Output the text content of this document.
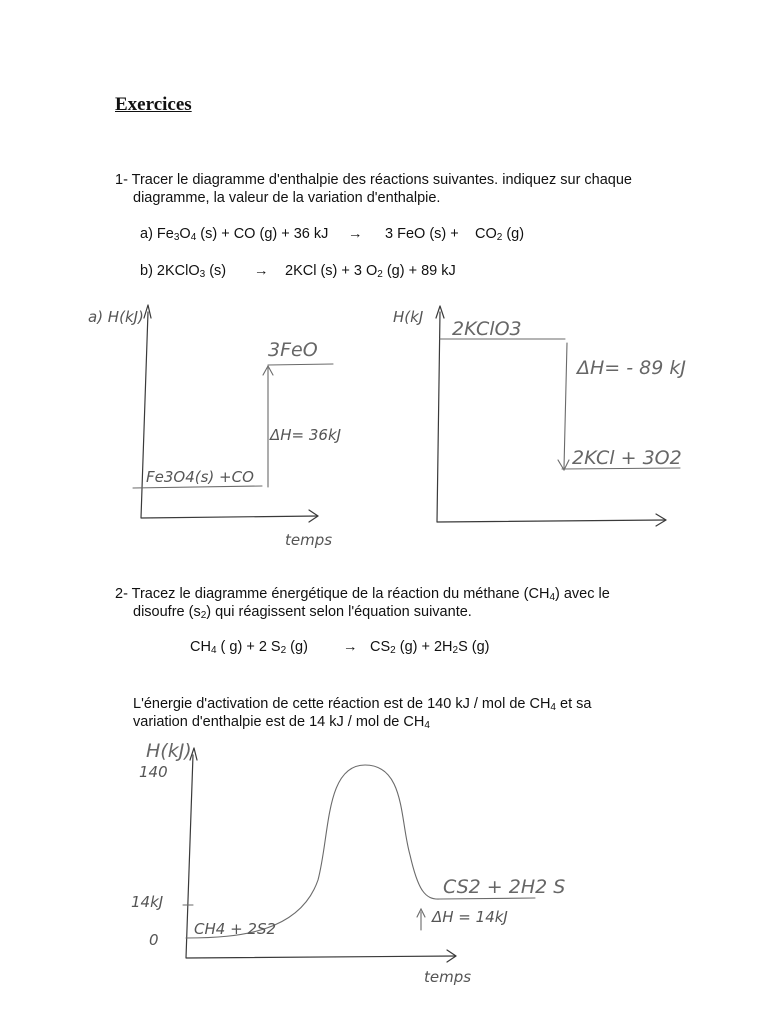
Exercices
1- Tracer le diagramme d'enthalpie des réactions suivantes. indiquez sur chaque
diagramme, la valeur de la variation d'enthalpie.
a) $Fe_3O_4$ (s) + CO (g) + 36 kJ → 3 FeO $(s) + CO_2$ (g)
b) 2KClO$_3$ (s) → 2KCl (s) + 3 $O_2$ (g) + 89 kJ
2- Tracez le diagramme énergétique de la réaction du méthane $(CH_4)$ avec le
disoufre $(s_2)$ qui réagissent selon l'équation suivante.
$CH_4$ ( g) + 2 $S_2$ $(g) \to CS_2$ $(g) + 2H_2S$ (g)
L'énergie d'activation de cette réaction est de 140 kJ / mol de $CH_4$ et sa
variation d'enthalpie est de 14 kJ / mol de $CH_4$
a) H(kJ)
3FeO
ΔH= 36kJ
Fe3O4(s) +CO
temps
H(kJ
2KClO3
ΔH= - 89 kJ
2KCl + 3O2
H(kJ)
140
14kJ
0
CH4 + 2S2
CS2 + 2H2 S
ΔH = 14kJ
temps
